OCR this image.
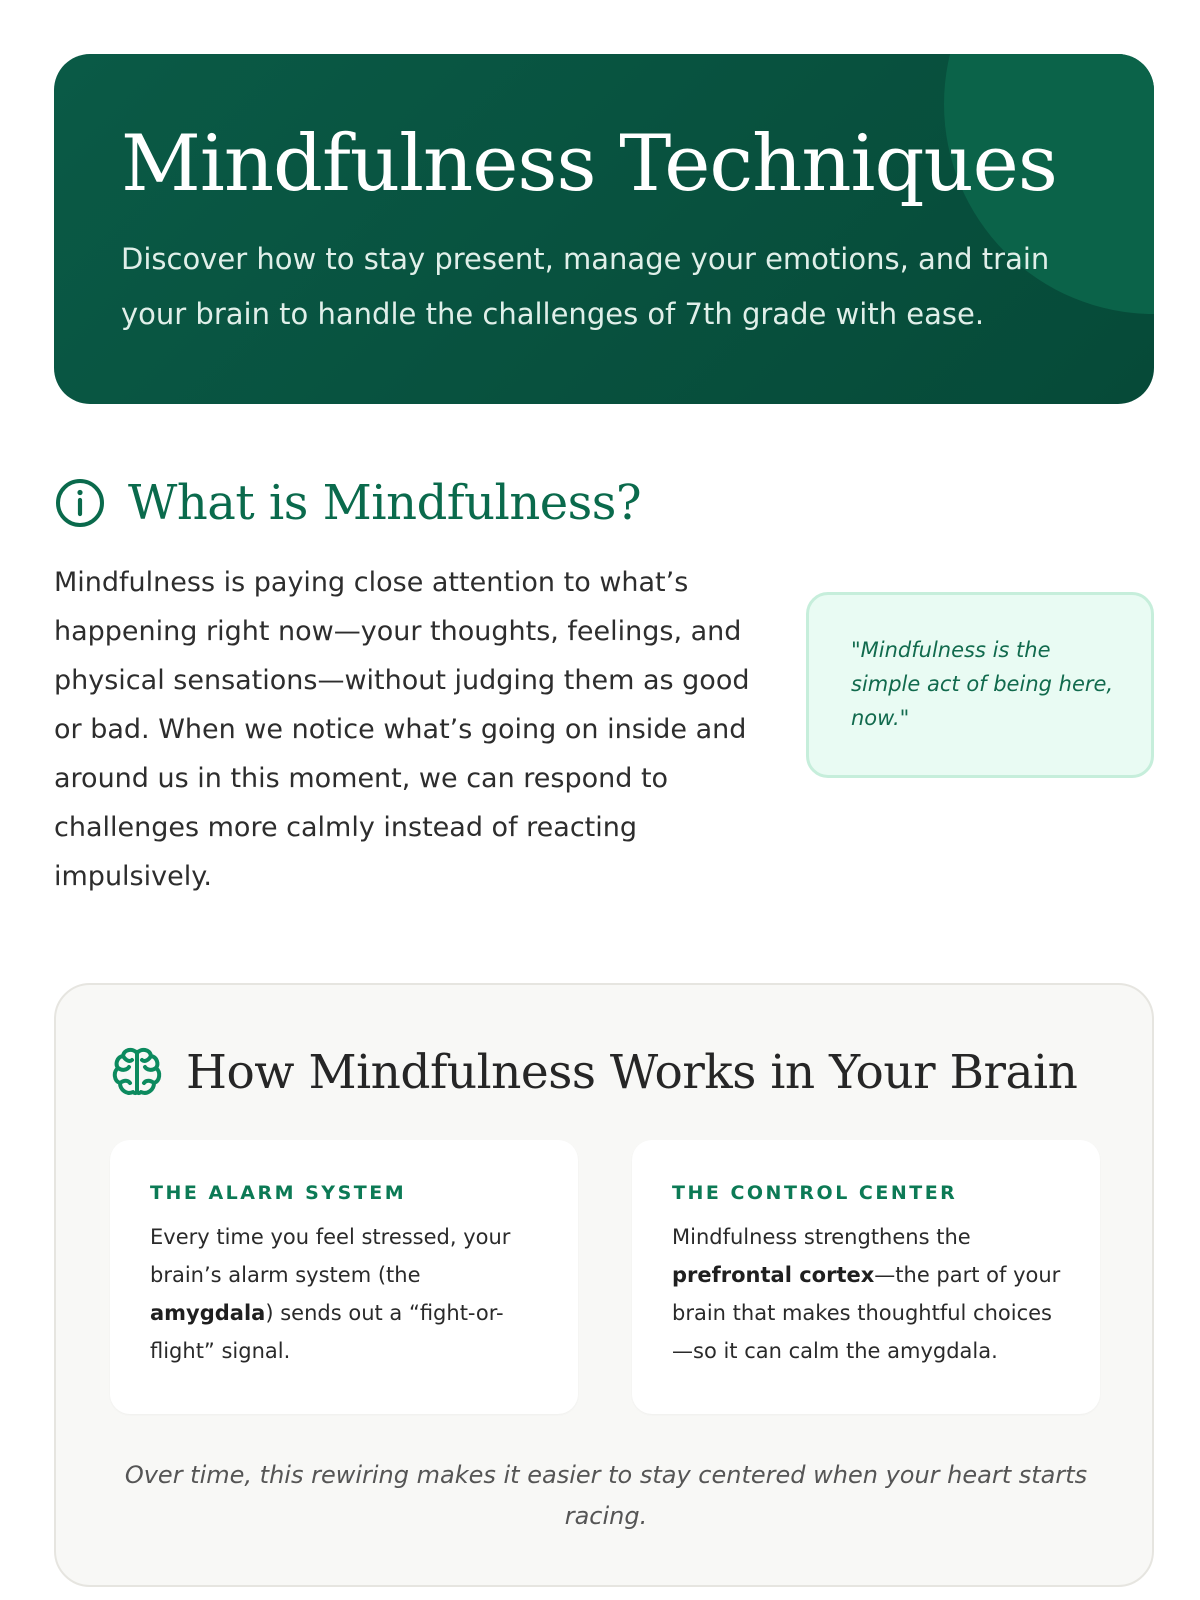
Mindfulness Techniques

Discover how to stay present, manage your emotions, and train your brain to handle the challenges of 7th grade with ease.

What is Mindfulness?

Mindfulness is paying close attention to what’s happening right now—your thoughts, feelings, and physical sensations—without judging them as good or bad. When we notice what’s going on inside and around us in this moment, we can respond to challenges more calmly instead of reacting impulsively.

"Mindfulness is the simple act of being here, now."

How Mindfulness Works in Your Brain
THE ALARM SYSTEM

Every time you feel stressed, your brain’s alarm system (the amygdala) sends out a “fight-or-flight” signal.

THE CONTROL CENTER

Mindfulness strengthens the prefrontal cortex—the part of your brain that makes thoughtful choices—so it can calm the amygdala.

Over time, this rewiring makes it easier to stay centered when your heart starts racing.
